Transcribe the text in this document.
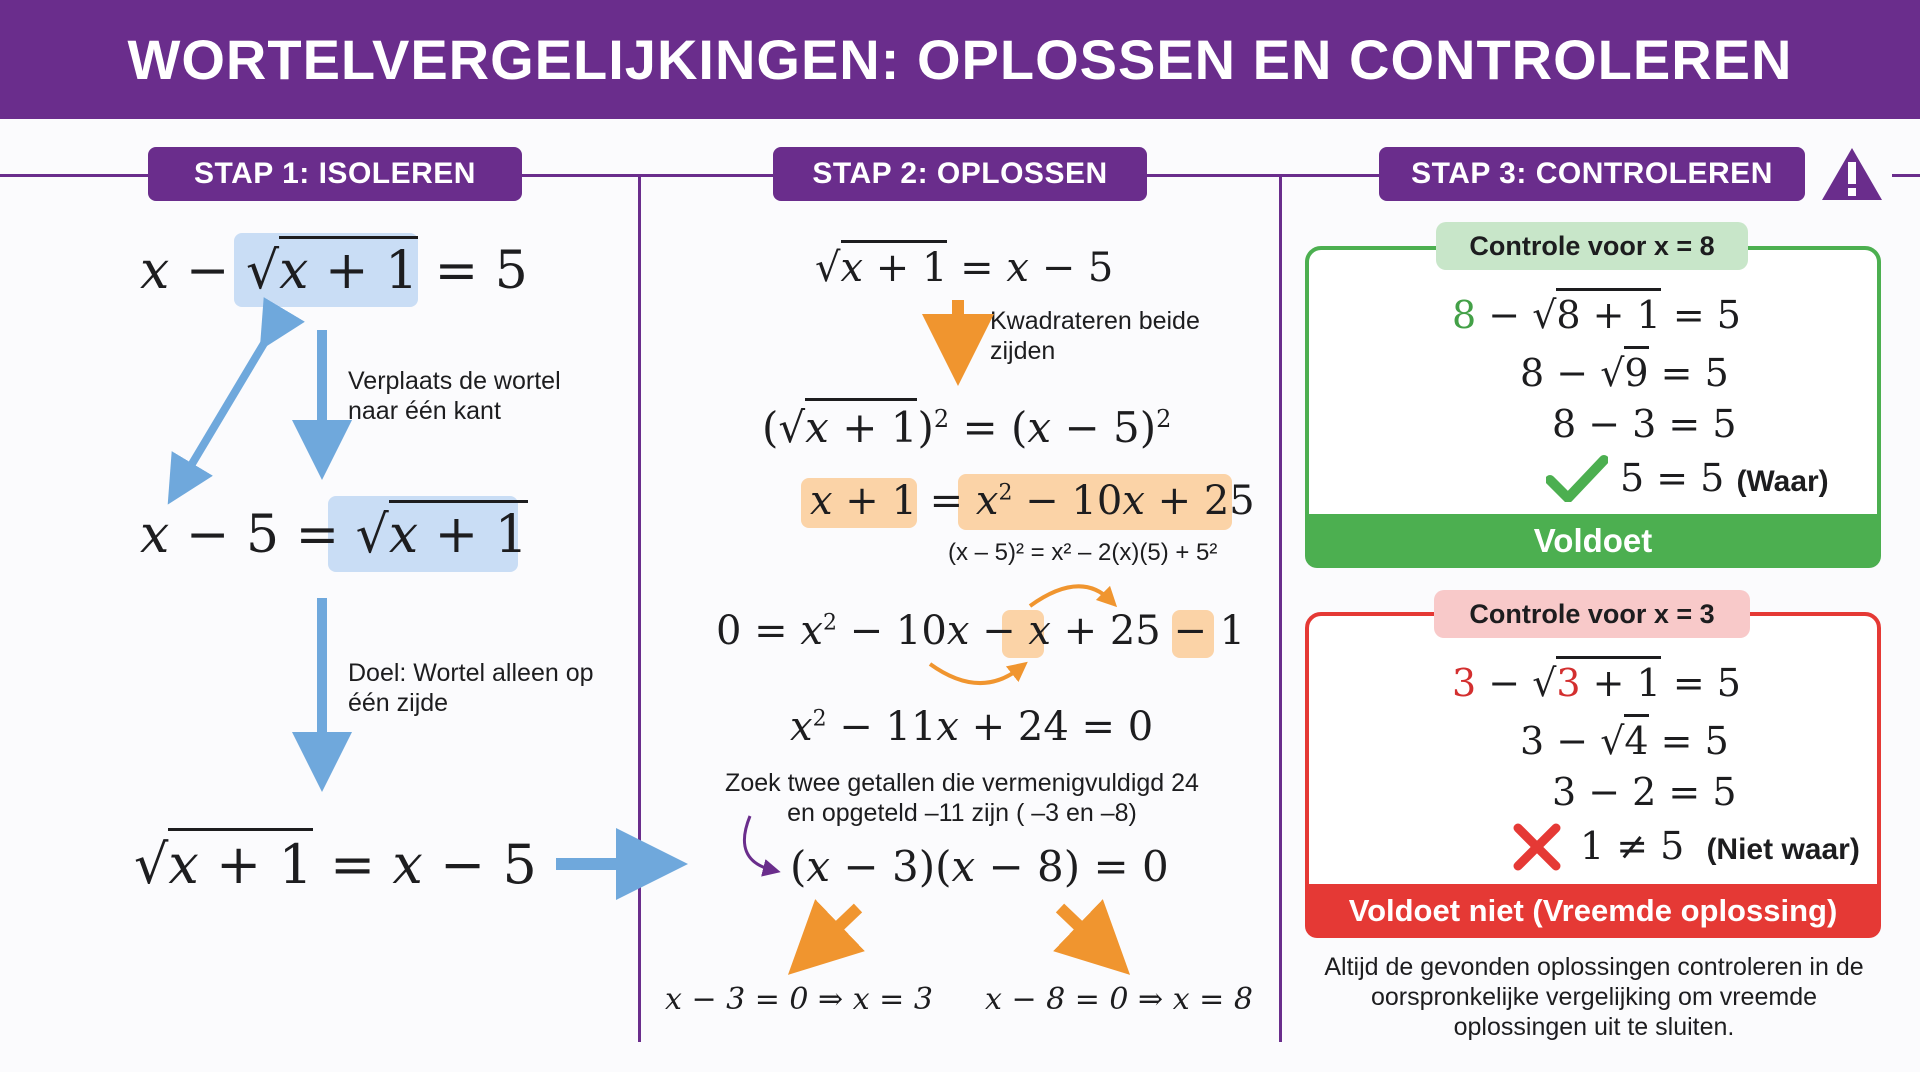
WORTELVERGELIJKINGEN: OPLOSSEN EN CONTROLEREN
STAP 1: ISOLEREN	STAP 2: OPLOSSEN	STAP 3: CONTROLEREN
x − √x + 1 = 5
x − 5 = √x + 1
Verplaats de wortel naar één kant
Doel: Wortel alleen op één zijde
√x + 1 = x − 5
√x + 1 = x − 5
Kwadrateren beide zijden
$(√x + 1)^2 = (x - 5)^2$
$x + 1 = x^2 - 10x + 25$
(x – 5)² = x² – 2(x)(5) + 5²
$0 = x^2 - 10x - x + 25 - 1$
$x^2 - 11x + 24 = 0$
Zoek twee getallen die vermenigvuldigd 24 en opgeteld –11 zijn ( –3 en –8)
(x − 3)(x − 8) = 0
x − 3 = 0 ⇒ x = 3 x − 8 = 0 ⇒ x = 8
Voldoet
Controle voor x = 8
8 − √8 + 1 = 5
8 − √9 = 5
8 − 3 = 5
5 = 5 (Waar)
Voldoet niet (Vreemde oplossing)
Controle voor x = 3
3 − √3 + 1 = 5
3 − √4 = 5
3 − 2 = 5
1 ≠ 5 (Niet waar)
Altijd de gevonden oplossingen controleren in de oorspronkelijke vergelijking om vreemde oplossingen uit te sluiten.
